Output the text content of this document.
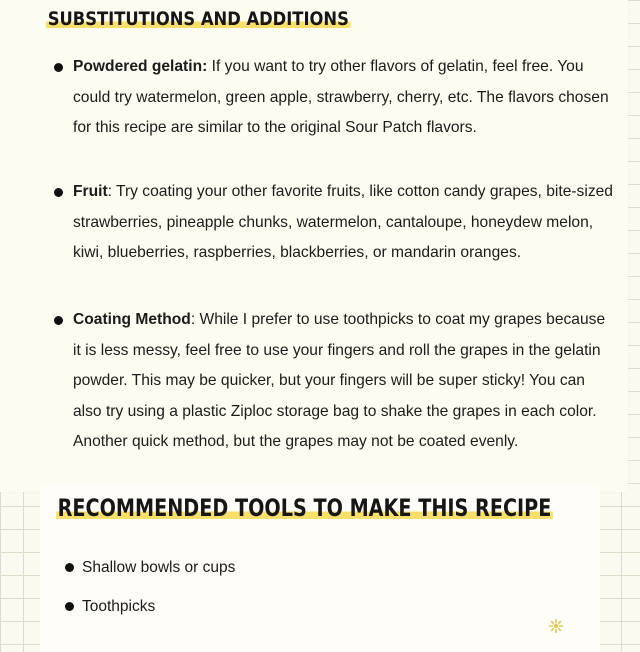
SUBSTITUTIONS AND ADDITIONS
Powdered gelatin: If you want to try other flavors of gelatin, feel free. You could try watermelon, green apple, strawberry, cherry, etc. The flavors chosen for this recipe are similar to the original Sour Patch flavors.
Fruit: Try coating your other favorite fruits, like cotton candy grapes, bite-sized strawberries, pineapple chunks, watermelon, cantaloupe, honeydew melon, kiwi, blueberries, raspberries, blackberries, or mandarin oranges.
Coating Method: While I prefer to use toothpicks to coat my grapes because it is less messy, feel free to use your fingers and roll the grapes in the gelatin powder. This may be quicker, but your fingers will be super sticky! You can also try using a plastic Ziploc storage bag to shake the grapes in each color. Another quick method, but the grapes may not be coated evenly.
RECOMMENDED TOOLS TO MAKE THIS RECIPE
Shallow bowls or cups
Toothpicks
